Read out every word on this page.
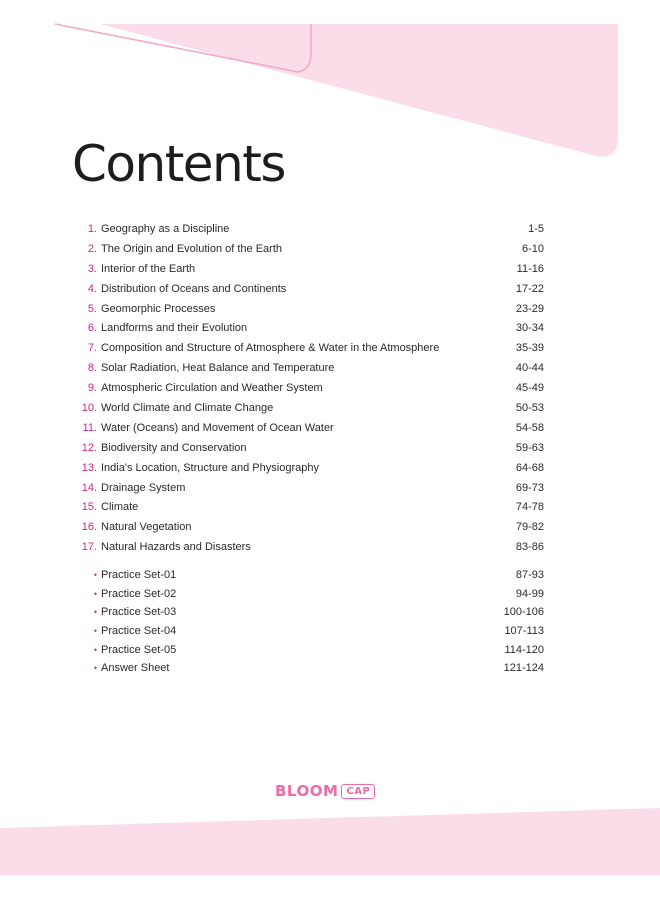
Contents
1. Geography as a Discipline	1-5
2. The Origin and Evolution of the Earth	6-10
3. Interior of the Earth	11-16
4. Distribution of Oceans and Continents	17-22
5. Geomorphic Processes	23-29
6. Landforms and their Evolution	30-34
7. Composition and Structure of Atmosphere & Water in the Atmosphere	35-39
8. Solar Radiation, Heat Balance and Temperature	40-44
9. Atmospheric Circulation and Weather System	45-49
10. World Climate and Climate Change	50-53
11. Water (Oceans) and Movement of Ocean Water	54-58
12. Biodiversity and Conservation	59-63
13. India's Location, Structure and Physiography	64-68
14. Drainage System	69-73
15. Climate	74-78
16. Natural Vegetation	79-82
17. Natural Hazards and Disasters	83-86
• Practice Set-01	87-93
• Practice Set-02	94-99
• Practice Set-03	100-106
• Practice Set-04	107-113
• Practice Set-05	114-120
• Answer Sheet	121-124
BLOOM CAP
